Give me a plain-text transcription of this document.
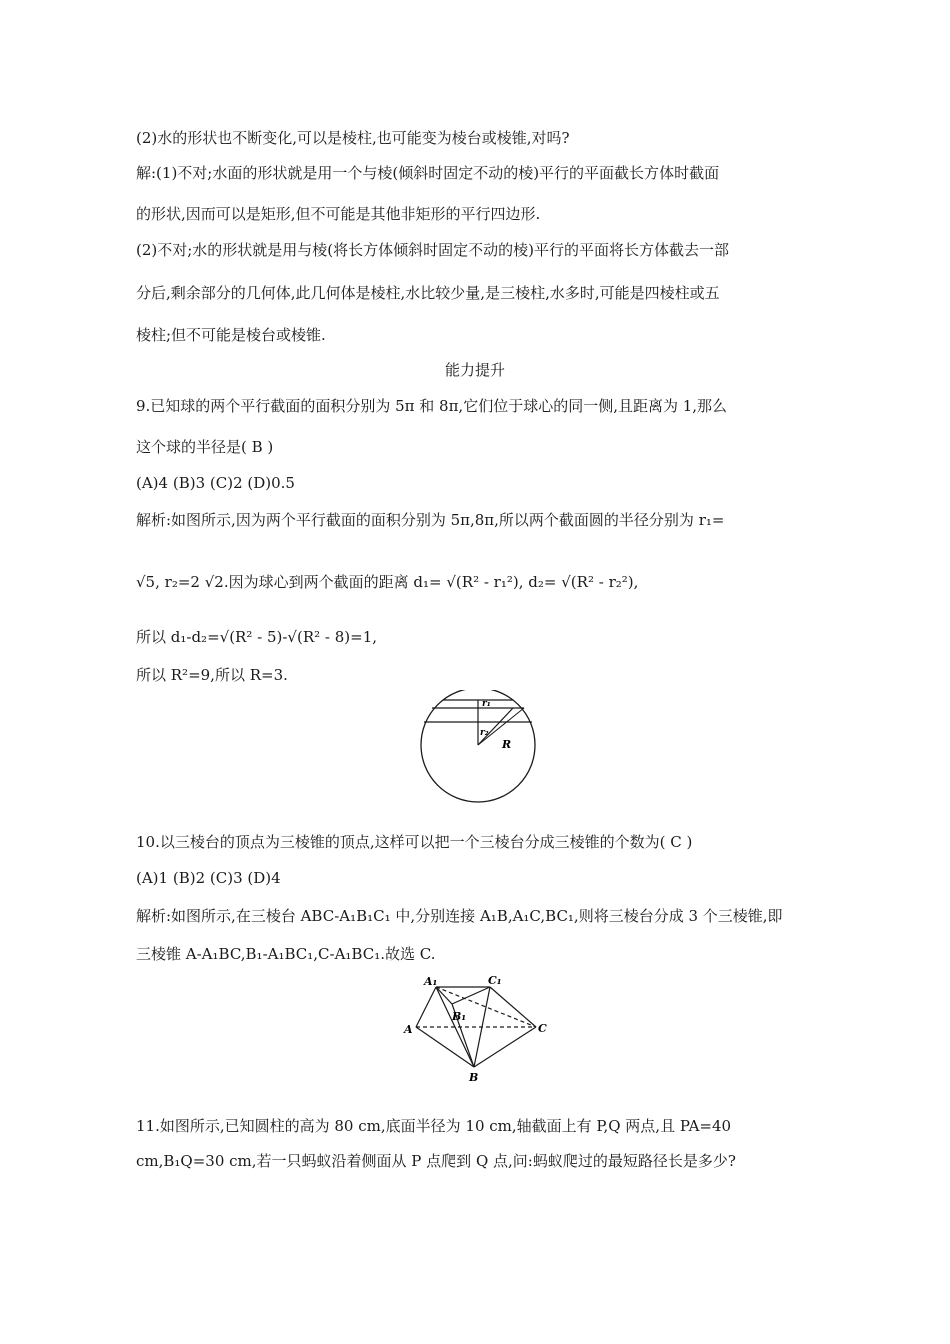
(2)水的形状也不断变化,可以是棱柱,也可能变为棱台或棱锥,对吗?
解:(1)不对;水面的形状就是用一个与棱(倾斜时固定不动的棱)平行的平面截长方体时截面
的形状,因而可以是矩形,但不可能是其他非矩形的平行四边形.
(2)不对;水的形状就是用与棱(将长方体倾斜时固定不动的棱)平行的平面将长方体截去一部
分后,剩余部分的几何体,此几何体是棱柱,水比较少量,是三棱柱,水多时,可能是四棱柱或五
棱柱;但不可能是棱台或棱锥.
能力提升
9.已知球的两个平行截面的面积分别为 5π 和 8π,它们位于球心的同一侧,且距离为 1,那么
这个球的半径是( B )
(A)4 (B)3 (C)2 (D)0.5
解析:如图所示,因为两个平行截面的面积分别为 5π,8π,所以两个截面圆的半径分别为 r₁=
√5, r₂=2 √2.因为球心到两个截面的距离 d₁= √(R² - r₁²), d₂= √(R² - r₂²),
所以 d₁-d₂=√(R² - 5)-√(R² - 8)=1,
所以 R²=9,所以 R=3.
r₁
r₂
R
10.以三棱台的顶点为三棱锥的顶点,这样可以把一个三棱台分成三棱锥的个数为( C )
(A)1 (B)2 (C)3 (D)4
解析:如图所示,在三棱台 ABC-A₁B₁C₁ 中,分别连接 A₁B,A₁C,BC₁,则将三棱台分成 3 个三棱锥,即
三棱锥 A-A₁BC,B₁-A₁BC₁,C-A₁BC₁.故选 C.
A₁	C₁
B₁
A	C
B
11.如图所示,已知圆柱的高为 80 cm,底面半径为 10 cm,轴截面上有 P,Q 两点,且 PA=40
cm,B₁Q=30 cm,若一只蚂蚁沿着侧面从 P 点爬到 Q 点,问:蚂蚁爬过的最短路径长是多少?
